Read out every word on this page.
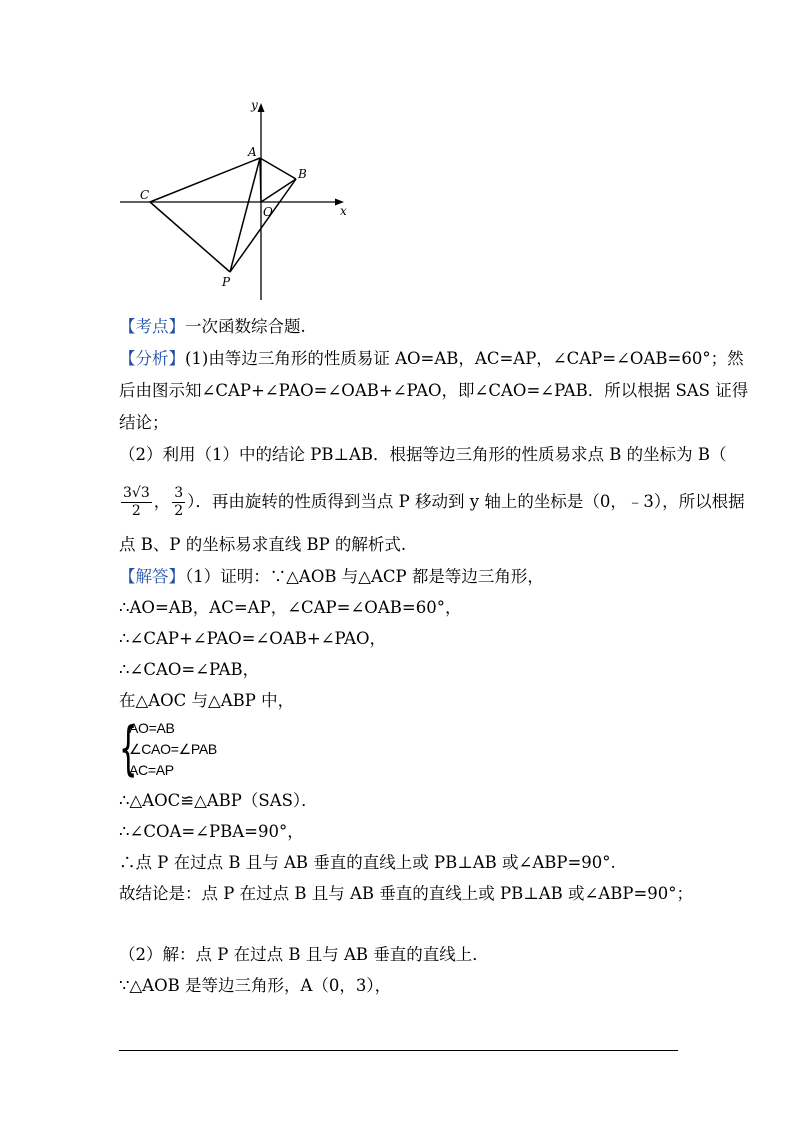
y
x
A
B
C
O
P
【考点】一次函数综合题.
【分析】(1)由等边三角形的性质易证 AO=AB，AC=AP，∠CAP=∠OAB=60°；然
后由图示知∠CAP+∠PAO=∠OAB+∠PAO，即∠CAO=∠PAB．所以根据 SAS 证得
结论；
（2）利用（1）中的结论 PB⊥AB．根据等边三角形的性质易求点 B 的坐标为 B（
$\frac{3√3}{2}$ ， $\frac{3}{2}$ ）．再由旋转的性质得到当点 P 移动到 y 轴上的坐标是（0，﹣3），所以根据
点 B、P 的坐标易求直线 BP 的解析式.
【解答】（1）证明：∵△AOB 与△ACP 都是等边三角形，
∴AO=AB，AC=AP，∠CAP=∠OAB=60°，
∴∠CAP+∠PAO=∠OAB+∠PAO，
∴∠CAO=∠PAB，
在△AOC 与△ABP 中，
{
AO=AB
∠CAO=∠PAB
AC=AP
∴△AOC≌△ABP（SAS）．
∴∠COA=∠PBA=90°，
∴点 P 在过点 B 且与 AB 垂直的直线上或 PB⊥AB 或∠ABP=90°.
故结论是：点 P 在过点 B 且与 AB 垂直的直线上或 PB⊥AB 或∠ABP=90°；
（2）解：点 P 在过点 B 且与 AB 垂直的直线上．
∵△AOB 是等边三角形，A（0，3），
